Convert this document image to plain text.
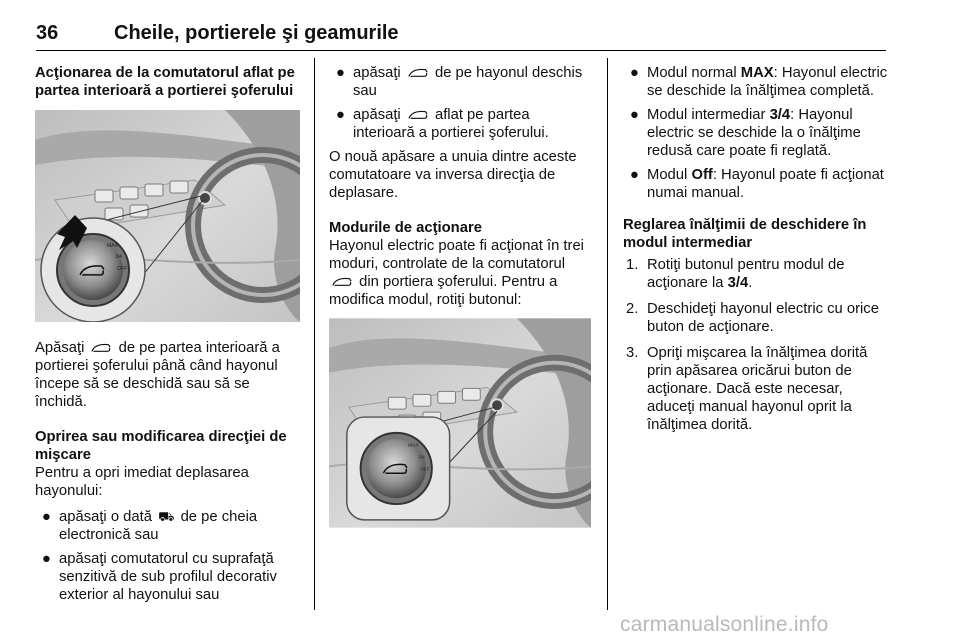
36	Cheile, portierele şi geamurile

Acţionarea de la comutatorul aflat pe partea interioară a portierei şoferului

MAX
3/4
OFF

Apăsaţi de pe partea interioară a portierei şoferului până când hayonul începe să se deschidă sau să se închidă.

Oprirea sau modificarea direcţiei de mişcare

Pentru a opri imediat deplasarea hayonului:

● apăsaţi o dată ⛟ de pe cheia electronică sau
● apăsaţi comutatorul cu suprafaţă senzitivă de sub profilul decorativ exterior al hayonului sau
● apăsaţi de pe hayonul deschis sau
● apăsaţi aflat pe partea interioară a portierei şoferului.

O nouă apăsare a unuia dintre aceste comutatoare va inversa direcţia de deplasare.

Modurile de acţionare

Hayonul electric poate fi acţionat în trei moduri, controlate de la comutatorul  din portiera şoferului. Pentru a modifica modul, rotiţi butonul:

MAX
3/4
OFF
● Modul normal MAX: Hayonul electric se deschide la înălţimea completă.
● Modul intermediar 3/4: Hayonul electric se deschide la o înălţime redusă care poate fi reglată.
● Modul Off: Hayonul poate fi acţionat numai manual.

Reglarea înălţimii de deschidere în modul intermediar

1. Rotiţi butonul pentru modul de acţionare la 3/4.
2. Deschideţi hayonul electric cu orice buton de acţionare.
3. Opriţi mişcarea la înălţimea dorită prin apăsarea oricărui buton de acţionare. Dacă este necesar, aduceţi manual hayonul oprit la înălţimea dorită.
carmanualsonline.info
